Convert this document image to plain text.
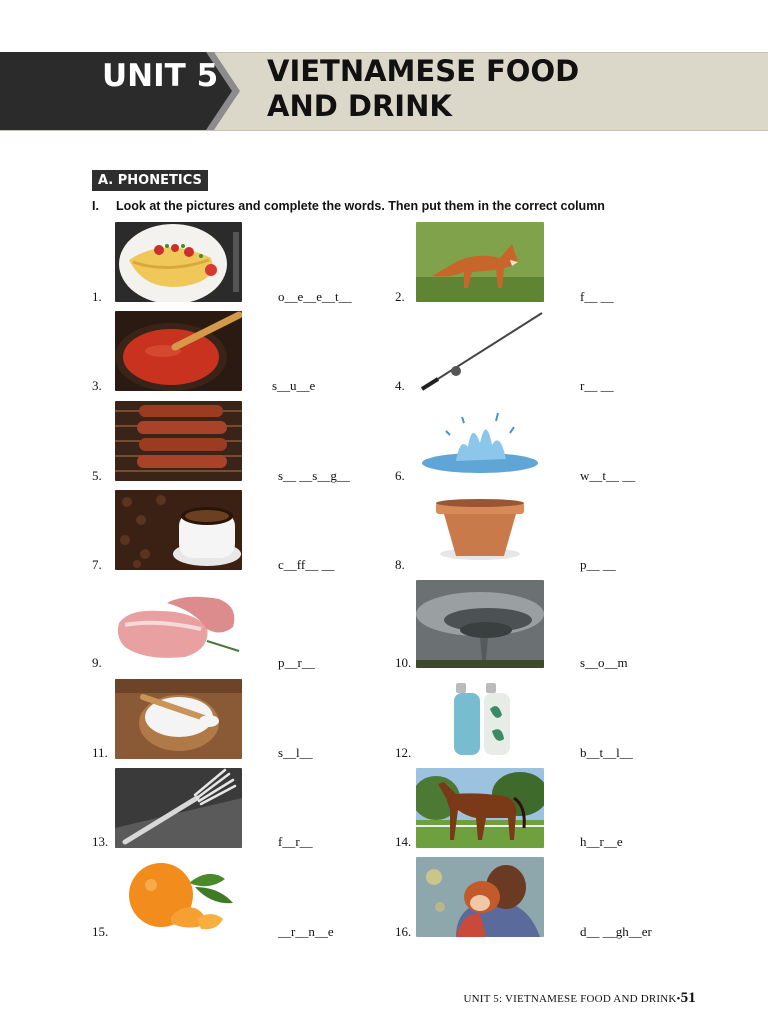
UNIT 5 VIETNAMESE FOOD
AND DRINK
A. PHONETICS
I. Look at the pictures and complete the words. Then put them in the correct column
1.	o__e__e__t__	2.	f__ __
3.	s__u__e	4.	r__ __
5.	s__ __s__g__	6.	w__t__ __
7.	c__ff__ __	8.	p__ __
9.	p__r__	10.	s__o__m
11.	s__l__	12.	b__t__l__
13.	f__r__	14.	h__r__e
15.	__r__n__e	16.	d__ __gh__er
UNIT 5: VIETNAMESE FOOD AND DRINK•51
